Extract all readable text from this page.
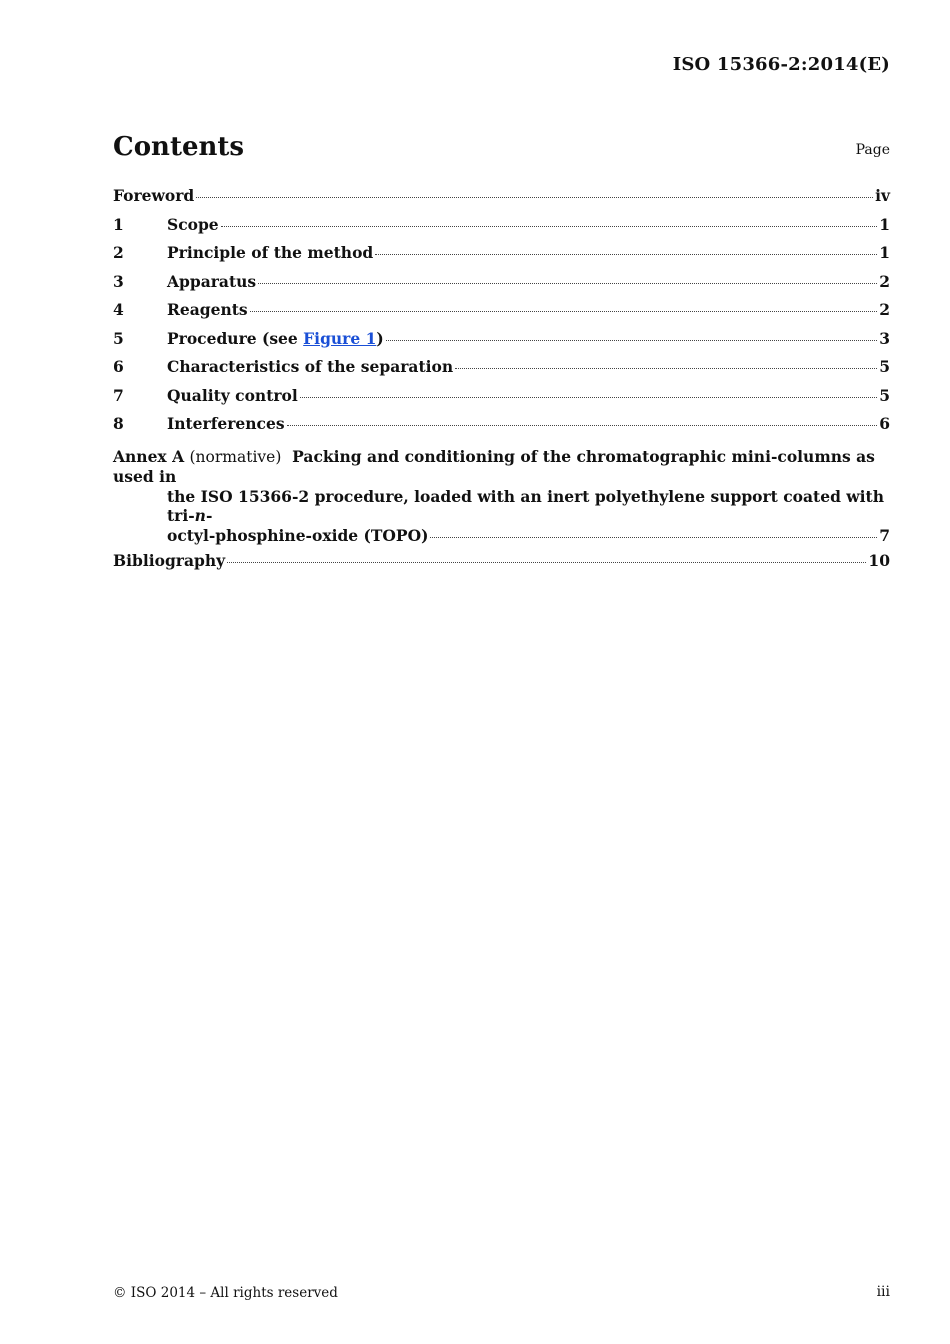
ISO 15366-2:2014(E)
Contents	Page
Foreword	iv
1	Scope	1
2	Principle of the method	1
3	Apparatus	2
4	Reagents	2
5	Procedure (see Figure 1)	3
6	Characteristics of the separation	5
7	Quality control	5
8	Interferences	6
Annex A (normative) Packing and conditioning of the chromatographic mini-columns as used in
the ISO 15366-2 procedure, loaded with an inert polyethylene support coated with tri-n-
octyl-phosphine-oxide (TOPO)	7
Bibliography	10
© ISO 2014 – All rights reserved	iii
